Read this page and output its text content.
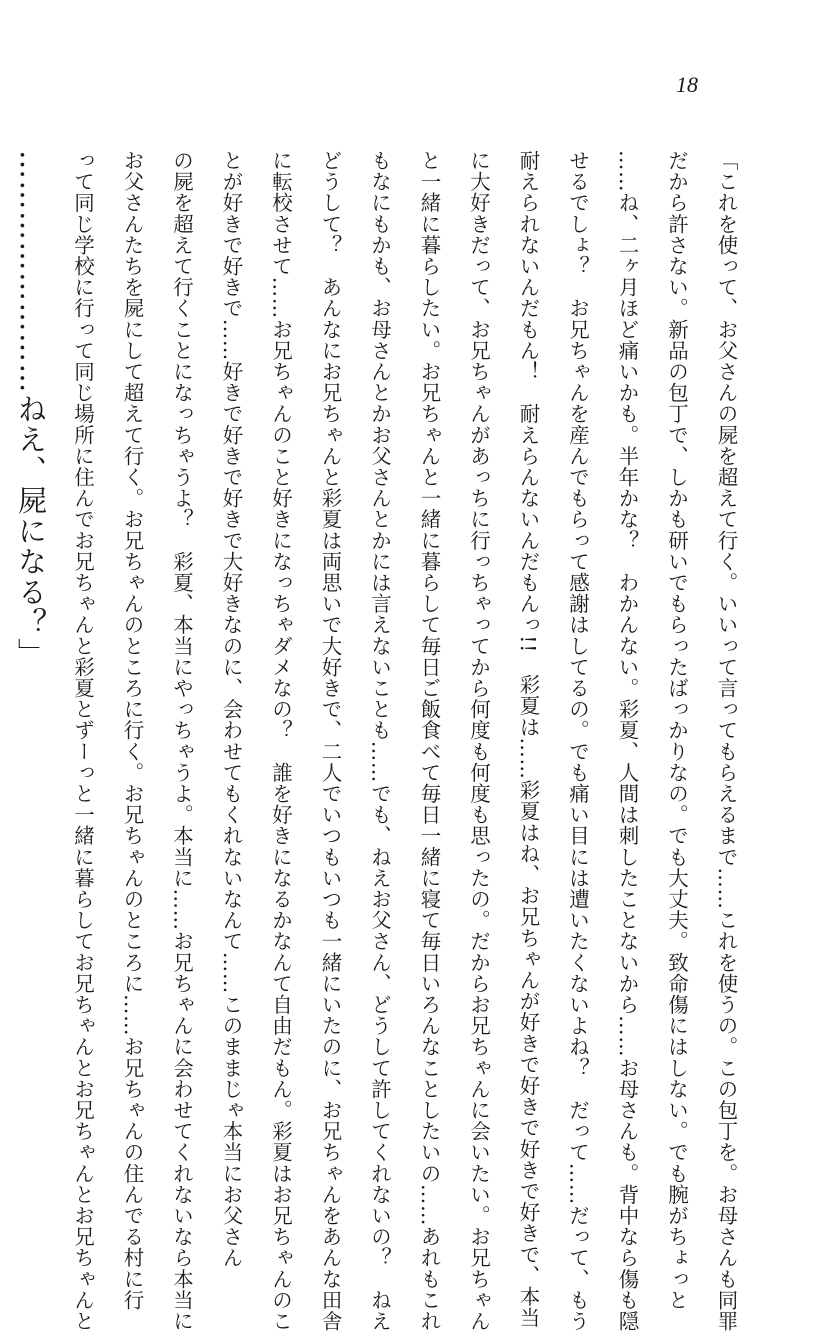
18
「これを使って、お父さんの屍を超えて行く。いいって言ってもらえるまで……これを使うの。この包丁を。お母さんも同罪
だから許さない。新品の包丁で、しかも研いでもらったばっかりなの。でも大丈夫。致命傷にはしない。でも腕がちょっと
……ね、二ヶ月ほど痛いかも。半年かな？　わかんない。彩夏、人間は刺したことないから……お母さんも。背中なら傷も隠
せるでしょ？　お兄ちゃんを産んでもらって感謝はしてるの。でも痛い目には遭いたくないよね？　だって……だって、もう
耐えられないんだもん！　耐えらんないんだもんっ!!　彩夏は……彩夏はね、お兄ちゃんが好きで好きで好きで好きで、本当
に大好きだって、お兄ちゃんがあっちに行っちゃってから何度も何度も思ったの。だからお兄ちゃんに会いたい。お兄ちゃん
と一緒に暮らしたい。お兄ちゃんと一緒に暮らして毎日ご飯食べて毎日一緒に寝て毎日いろんなことしたいの……あれもこれ
もなにもかも、お母さんとかお父さんとかには言えないことも……でも、ねえお父さん、どうして許してくれないの？　ねえ
どうして？　あんなにお兄ちゃんと彩夏は両思いで大好きで、二人でいつもいつも一緒にいたのに、お兄ちゃんをあんな田舎
に転校させて……お兄ちゃんのこと好きになっちゃダメなの？　誰を好きになるかなんて自由だもん。彩夏はお兄ちゃんのこ
とが好きで好きで……好きで好きで好きで大好きなのに、会わせてもくれないなんて……このままじゃ本当にお父さん
の屍を超えて行くことになっちゃうよ？　彩夏、本当にやっちゃうよ。本当に……お兄ちゃんに会わせてくれないなら本当に
お父さんたちを屍にして超えて行く。お兄ちゃんのところに行く。お兄ちゃんのところに……お兄ちゃんの住んでる村に行
って同じ学校に行って同じ場所に住んでお兄ちゃんと彩夏とずーっと一緒に暮らしてお兄ちゃんとお兄ちゃんとお兄ちゃんと
……………………ねえ、屍になる？」
